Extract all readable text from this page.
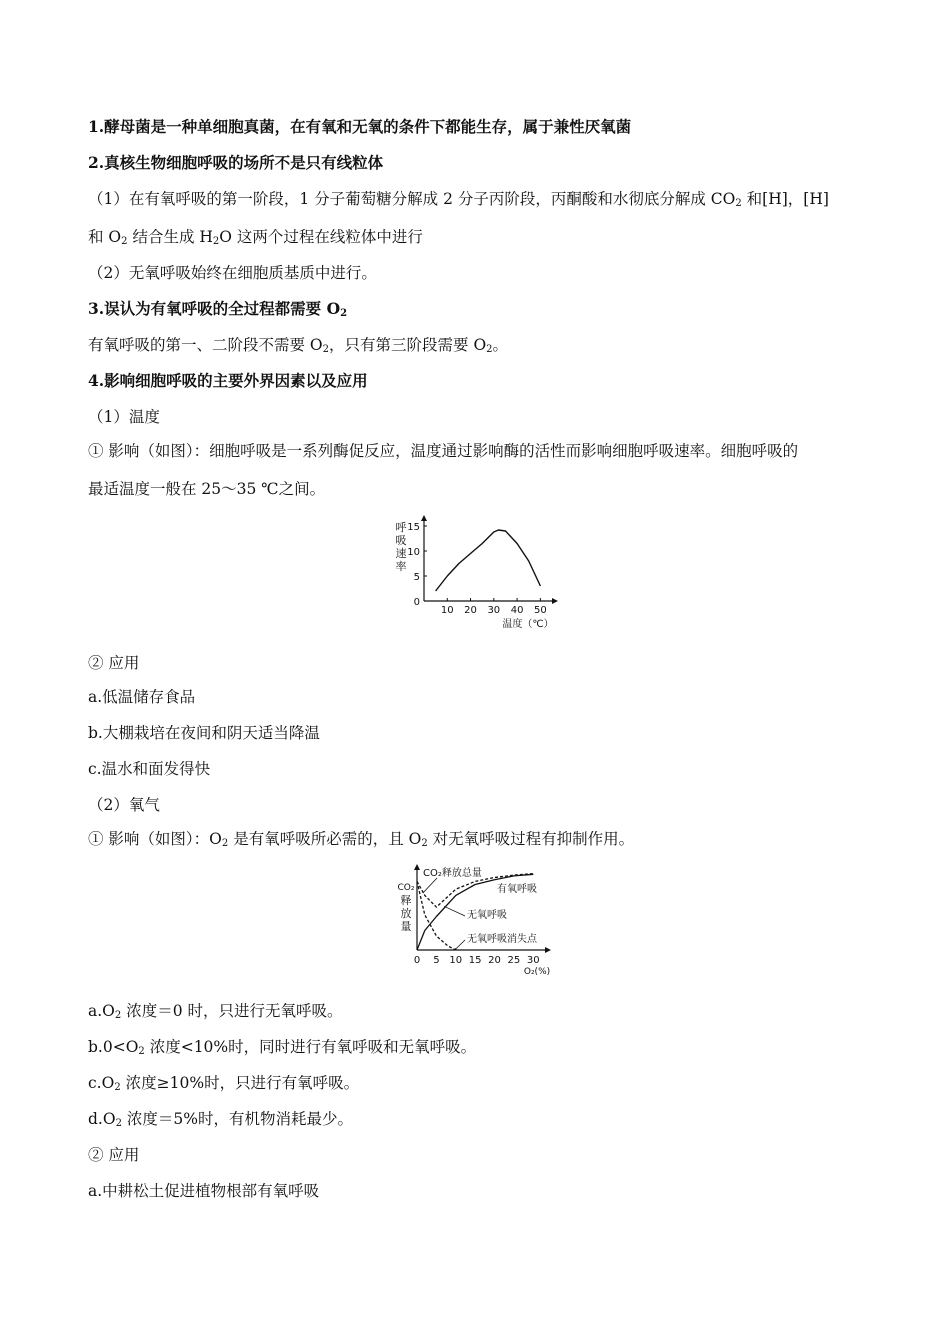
1.酵母菌是一种单细胞真菌，在有氧和无氧的条件下都能生存，属于兼性厌氧菌
2.真核生物细胞呼吸的场所不是只有线粒体
（1）在有氧呼吸的第一阶段，1 分子葡萄糖分解成 2 分子丙阶段，丙酮酸和水彻底分解成 $CO_2$ 和[H]，[H]
和 $O_2$ 结合生成 $H_2O$ 这两个过程在线粒体中进行
（2）无氧呼吸始终在细胞质基质中进行。
3.误认为有氧呼吸的全过程都需要 $O_2$
有氧呼吸的第一、二阶段不需要 $O_2$，只有第三阶段需要 $O_2$。
4.影响细胞呼吸的主要外界因素以及应用
（1）温度
① 影响（如图）：细胞呼吸是一系列酶促反应，温度通过影响酶的活性而影响细胞呼吸速率。细胞呼吸的
最适温度一般在 25～35 ℃之间。
10 20 30 40 50
0
5
10
15
呼
吸
速
率
温度（℃）
② 应用
a.低温储存食品
b.大棚栽培在夜间和阴天适当降温
c.温水和面发得快
（2）氧气
① 影响（如图）：$O_2$ 是有氧呼吸所必需的，且 $O_2$ 对无氧呼吸过程有抑制作用。
0 5 10 15 20 25 30
CO₂
释
放
量
O₂(%)
CO₂释放总量
有氧呼吸
无氧呼吸
无氧呼吸消失点
$a.O_2$ 浓度＝0 时，只进行无氧呼吸。
$b.0<O_2$ 浓度<10%时，同时进行有氧呼吸和无氧呼吸。
$c.O_2$ 浓度≥10%时，只进行有氧呼吸。
$d.O_2$ 浓度＝5%时，有机物消耗最少。
② 应用
a.中耕松土促进植物根部有氧呼吸
